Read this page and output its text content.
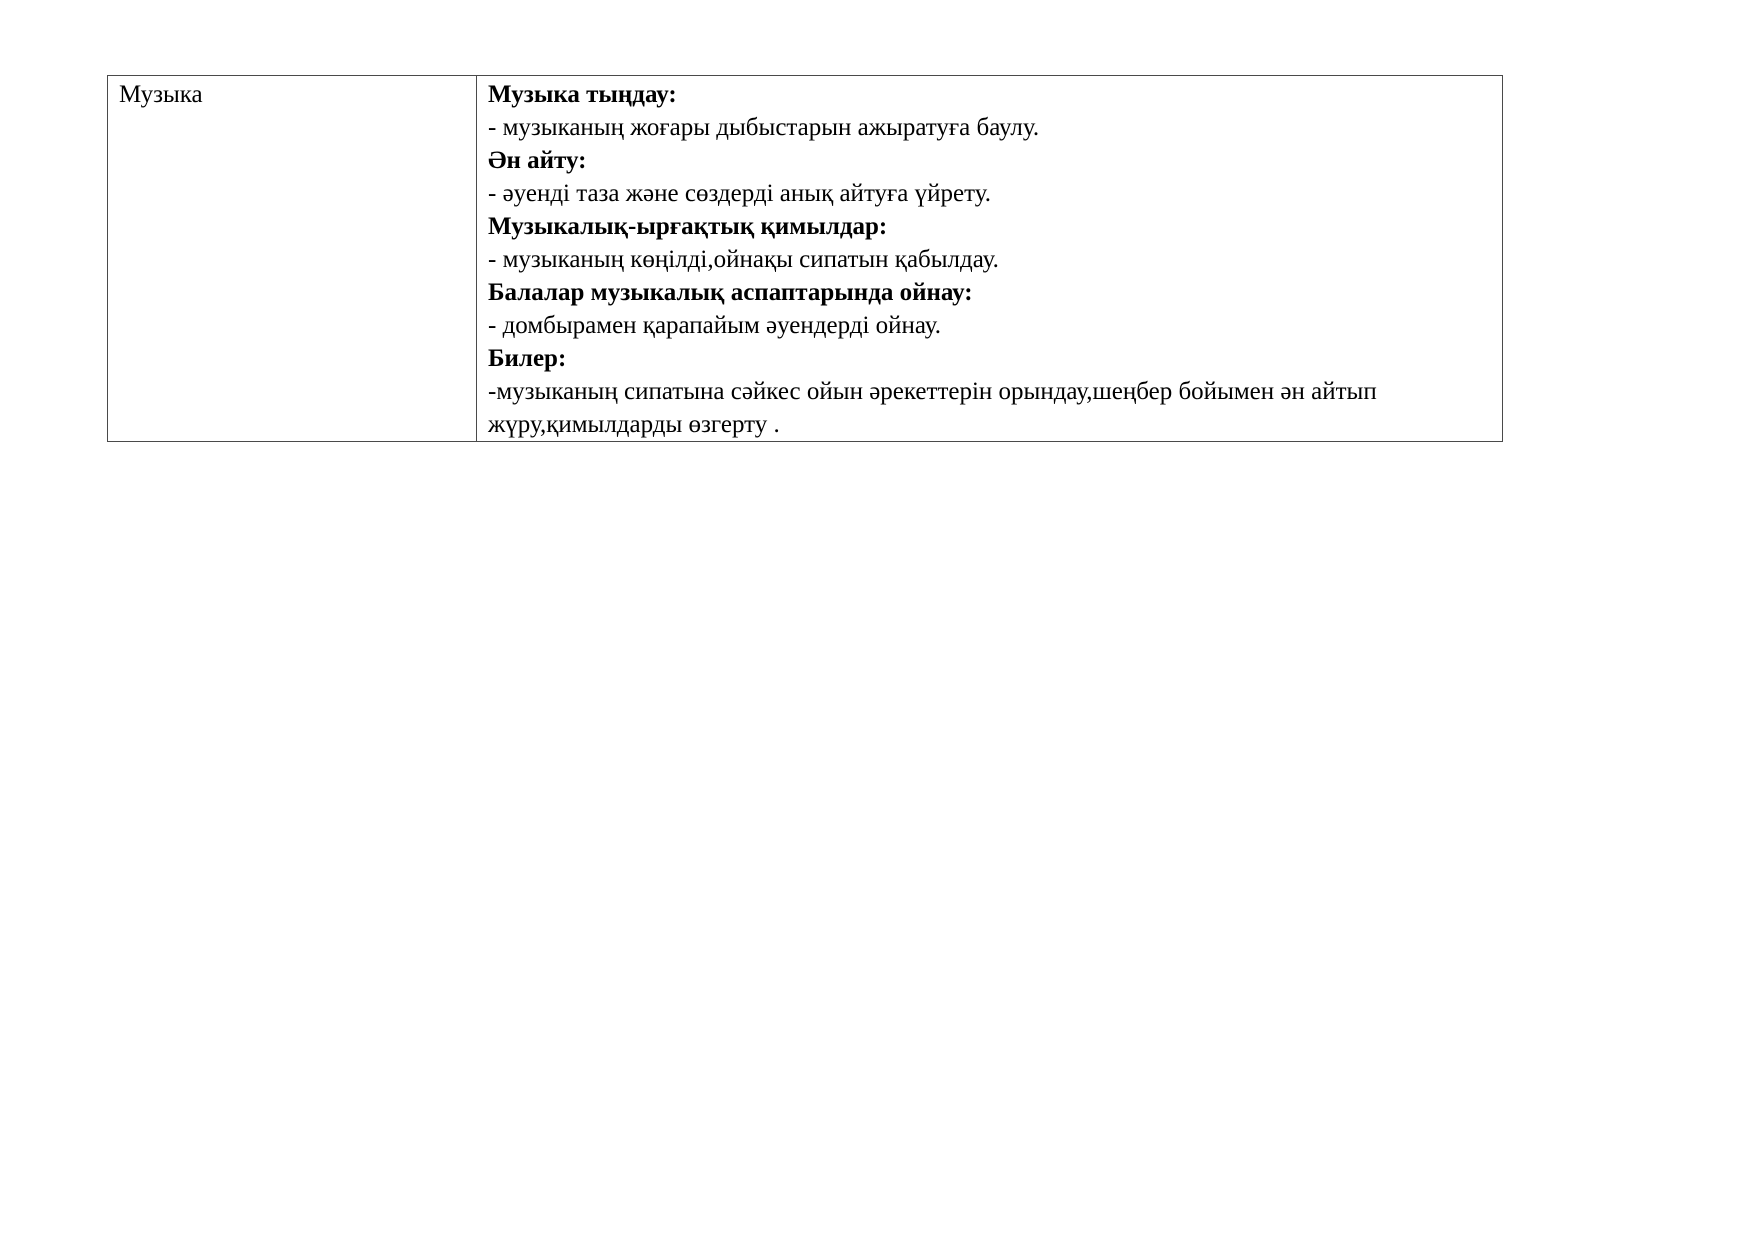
Музыка	Музыка тыңдау:
- музыканың жоғары дыбыстарын ажыратуға баулу.
Ән айту:
- әуенді таза және сөздерді анық айтуға үйрету.
Музыкалық-ырғақтық қимылдар:
- музыканың көңілді,ойнақы сипатын қабылдау.
Балалар музыкалық аспаптарында ойнау:
- домбырамен қарапайым әуендерді ойнау.
Билер:
-музыканың сипатына сәйкес ойын әрекеттерін орындау,шеңбер бойымен ән айтып жүру,қимылдарды өзгерту .
